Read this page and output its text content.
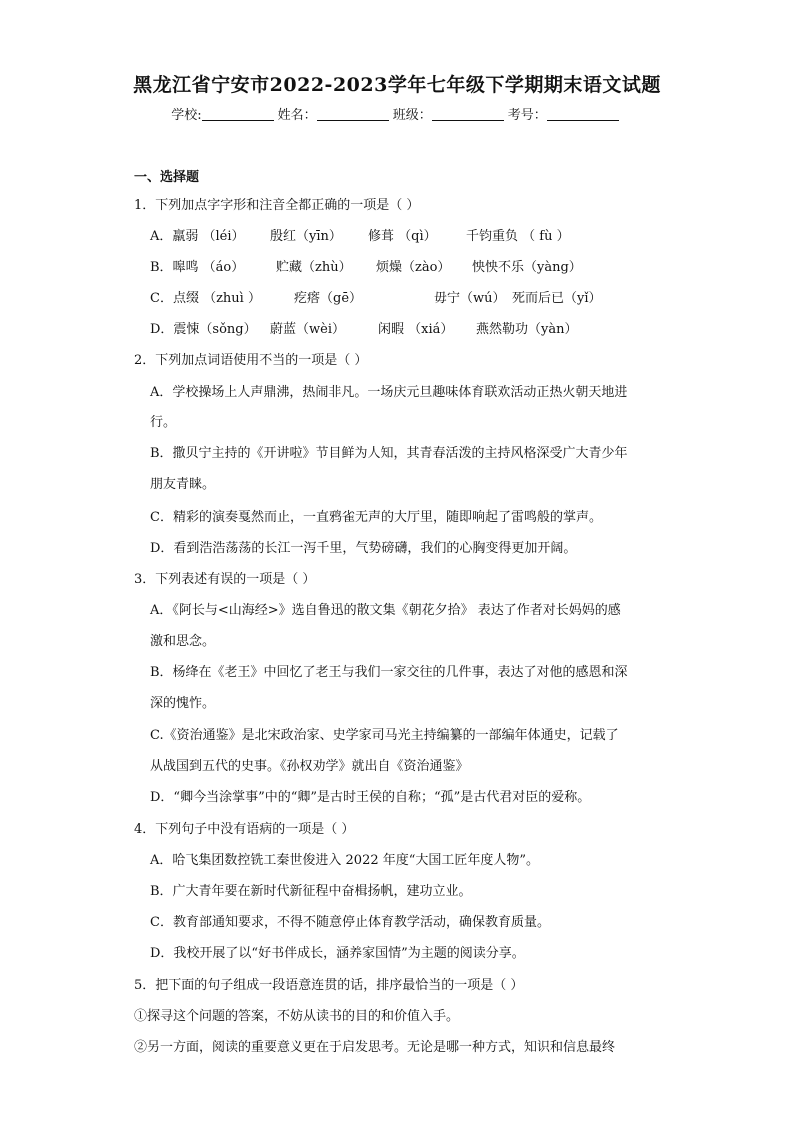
黑龙江省宁安市2022-2023学年七年级下学期期末语文试题
学校:	姓名：	班级：	考号：
一、选择题
1．下列加点字字形和注音全都正确的一项是（ ）
A．羸弱 （léi） 殷红（yīn） 修葺 （qì） 千钧重负 （ fù ）
B．嗥鸣 （áo） 贮藏（zhù） 烦燥（zào） 怏怏不乐（yàng）
C．点缀 （zhuì ）	疙瘩（gē）	毋宁（wú） 死而后已（yǐ）
D．震悚（sǒng） 蔚蓝（wèi）	闲暇 （xiá） 燕然勒功（yàn）
2．下列加点词语使用不当的一项是（ ）
A．学校操场上人声鼎沸，热闹非凡。一场庆元旦趣味体育联欢活动正热火朝天地进
行。
B．撒贝宁主持的《开讲啦》节目鲜为人知，其青春活泼的主持风格深受广大青少年
朋友青睐。
C．精彩的演奏戛然而止，一直鸦雀无声的大厅里，随即响起了雷鸣般的掌声。
D．看到浩浩荡荡的长江一泻千里，气势磅礴，我们的心胸变得更加开阔。
3．下列表述有误的一项是（ ）
A．《阿长与<山海经>》选自鲁迅的散文集《朝花夕拾》 表达了作者对长妈妈的感
激和思念。
B．杨绛在《老王》中回忆了老王与我们一家交往的几件事，表达了对他的感恩和深
深的愧怍。
C.《资治通鉴》是北宋政治家、史学家司马光主持编纂的一部编年体通史，记载了
从战国到五代的史事。《孙权劝学》就出自《资治通鉴》
D．“卿今当涂掌事”中的“卿”是古时王侯的自称；“孤”是古代君对臣的爱称。
4．下列句子中没有语病的一项是（ ）
A．哈飞集团数控铣工秦世俊进入 2022 年度“大国工匠年度人物”。
B．广大青年要在新时代新征程中奋楫扬帆，建功立业。
C．教育部通知要求，不得不随意停止体育教学活动，确保教育质量。
D．我校开展了以“好书伴成长，涵养家国情”为主题的阅读分享。
5．把下面的句子组成一段语意连贯的话，排序最恰当的一项是（ ）
①探寻这个问题的答案，不妨从读书的目的和价值入手。
②另一方面，阅读的重要意义更在于启发思考。无论是哪一种方式，知识和信息最终
